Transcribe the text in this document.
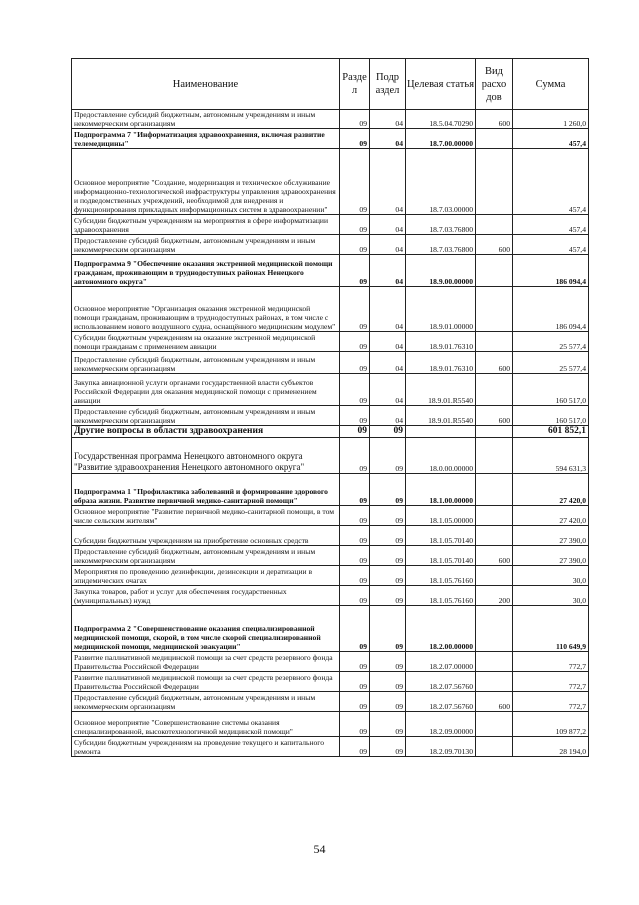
Наименование	Разде л	Подр аздел	Целевая статья	Вид расхо дов	Сумма
Предоставление субсидий бюджетным, автономным учреждениям и иным некоммерческим организациям	09	04	18.5.04.70290	600	1 260,0
Подпрограмма 7 "Информатизация здравоохранения, включая развитие телемедицины"	09	04	18.7.00.00000		457,4
Основное мероприятие "Создание, модернизация и техническое обслуживание информационно-технологической инфраструктуры управления здравоохранения и подведомственных учреждений, необходимой для внедрения и функционирования прикладных информационных систем в здравоохранении"	09	04	18.7.03.00000		457,4
Субсидии бюджетным учреждениям на мероприятия в сфере информатизации здравоохранения	09	04	18.7.03.76800		457,4
Предоставление субсидий бюджетным, автономным учреждениям и иным некоммерческим организациям	09	04	18.7.03.76800	600	457,4
Подпрограмма 9 "Обеспечение оказания экстренной медицинской помощи гражданам, проживающим в труднодоступных районах Ненецкого автономного округа"	09	04	18.9.00.00000		186 094,4
Основное мероприятие "Организация оказания экстренной медицинской помощи гражданам, проживающим в труднодоступных районах, в том числе с использованием нового воздушного судна, оснащённого медицинским модулем"	09	04	18.9.01.00000		186 094,4
Субсидии бюджетным учреждениям на оказание экстренной медицинской помощи гражданам с применением авиации	09	04	18.9.01.76310		25 577,4
Предоставление субсидий бюджетным, автономным учреждениям и иным некоммерческим организациям	09	04	18.9.01.76310	600	25 577,4
Закупка авиационной услуги органами государственной власти субъектов Российской Федерации для оказания медицинской помощи с применением авиации	09	04	18.9.01.R5540		160 517,0
Предоставление субсидий бюджетным, автономным учреждениям и иным некоммерческим организациям	09	04	18.9.01.R5540	600	160 517,0
Другие вопросы в области здравоохранения	09	09			601 852,1
Государственная программа Ненецкого автономного округа "Развитие здравоохранения Ненецкого автономного округа"	09	09	18.0.00.00000		594 631,3
Подпрограмма 1 "Профилактика заболеваний и формирование здорового образа жизни. Развитие первичной медико-санитарной помощи"	09	09	18.1.00.00000		27 420,0
Основное мероприятие "Развитие первичной медико-санитарной помощи, в том числе сельским жителям"	09	09	18.1.05.00000		27 420,0
Субсидии бюджетным учреждениям на приобретение основных средств	09	09	18.1.05.70140		27 390,0
Предоставление субсидий бюджетным, автономным учреждениям и иным некоммерческим организациям	09	09	18.1.05.70140	600	27 390,0
Мероприятия по проведению дезинфекции, дезинсекции и дератизации в эпидемических очагах	09	09	18.1.05.76160		30,0
Закупка товаров, работ и услуг для обеспечения государственных (муниципальных) нужд	09	09	18.1.05.76160	200	30,0
Подпрограмма 2 "Совершенствование оказания специализированной медицинской помощи, скорой, в том числе скорой специализированной медицинской помощи, медицинской эвакуации"	09	09	18.2.00.00000		110 649,9
Развитие паллиативной медицинской помощи за счет средств резервного фонда Правительства Российской Федерации	09	09	18.2.07.00000		772,7
Развитие паллиативной медицинской помощи за счет средств резервного фонда Правительства Российской Федерации	09	09	18.2.07.56760		772,7
Предоставление субсидий бюджетным, автономным учреждениям и иным некоммерческим организациям	09	09	18.2.07.56760	600	772,7
Основное мероприятие "Совершенствование системы оказания специализированной, высокотехнологичной медицинской помощи"	09	09	18.2.09.00000		109 877,2
Субсидии бюджетным учреждениям на проведение текущего и капитального ремонта	09	09	18.2.09.70130		28 194,0
54
